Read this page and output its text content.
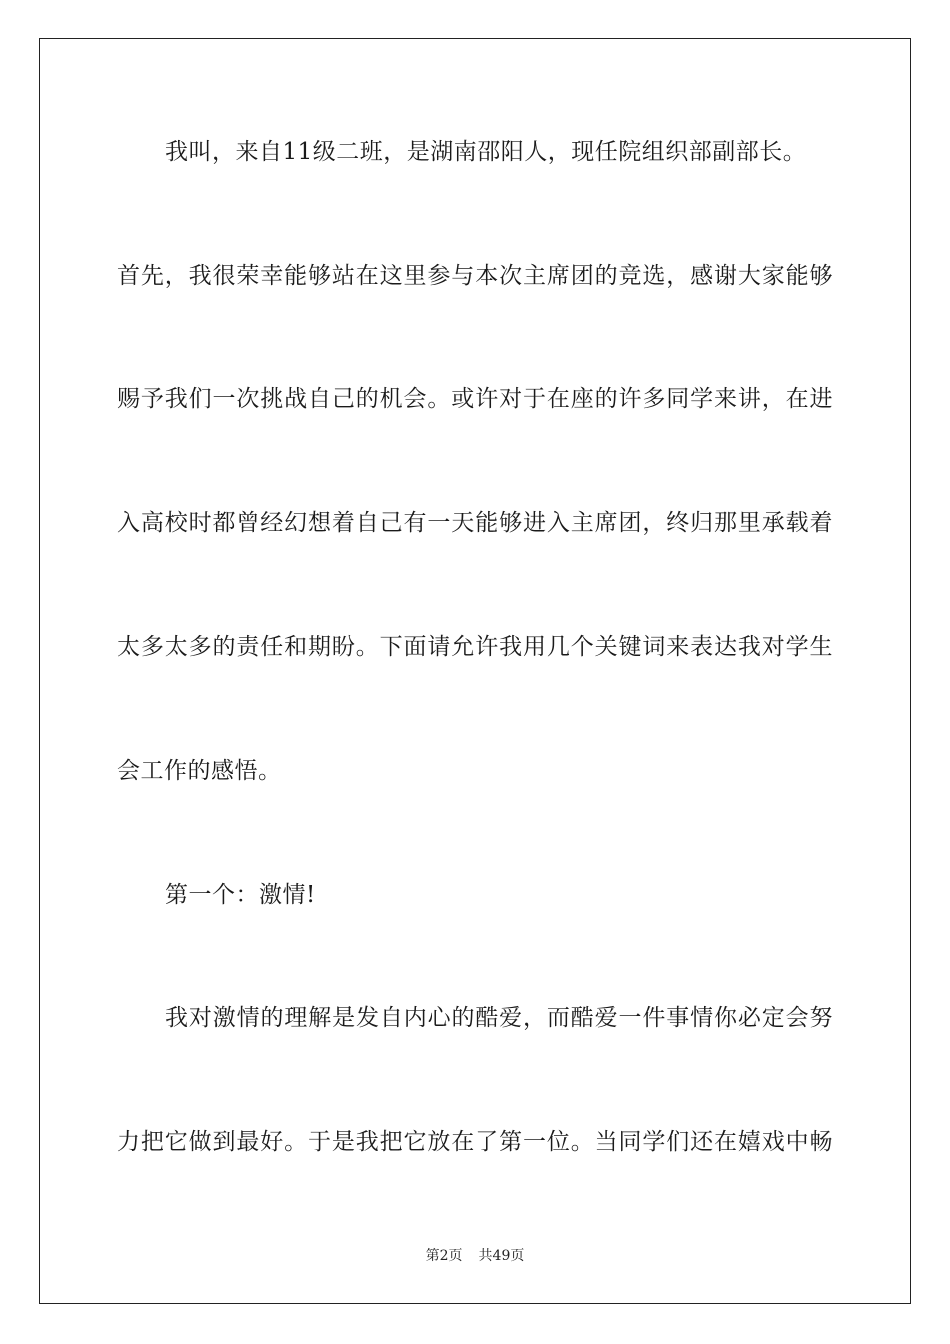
我叫，来自11级二班，是湖南邵阳人，现任院组织部副部长。
首先，我很荣幸能够站在这里参与本次主席团的竞选，感谢大家能够
赐予我们一次挑战自己的机会。或许对于在座的许多同学来讲，在进
入高校时都曾经幻想着自己有一天能够进入主席团，终归那里承载着
太多太多的责任和期盼。下面请允许我用几个关键词来表达我对学生
会工作的感悟。
第一个：激情!
我对激情的理解是发自内心的酷爱，而酷爱一件事情你必定会努
力把它做到最好。于是我把它放在了第一位。当同学们还在嬉戏中畅
第2页 共49页
